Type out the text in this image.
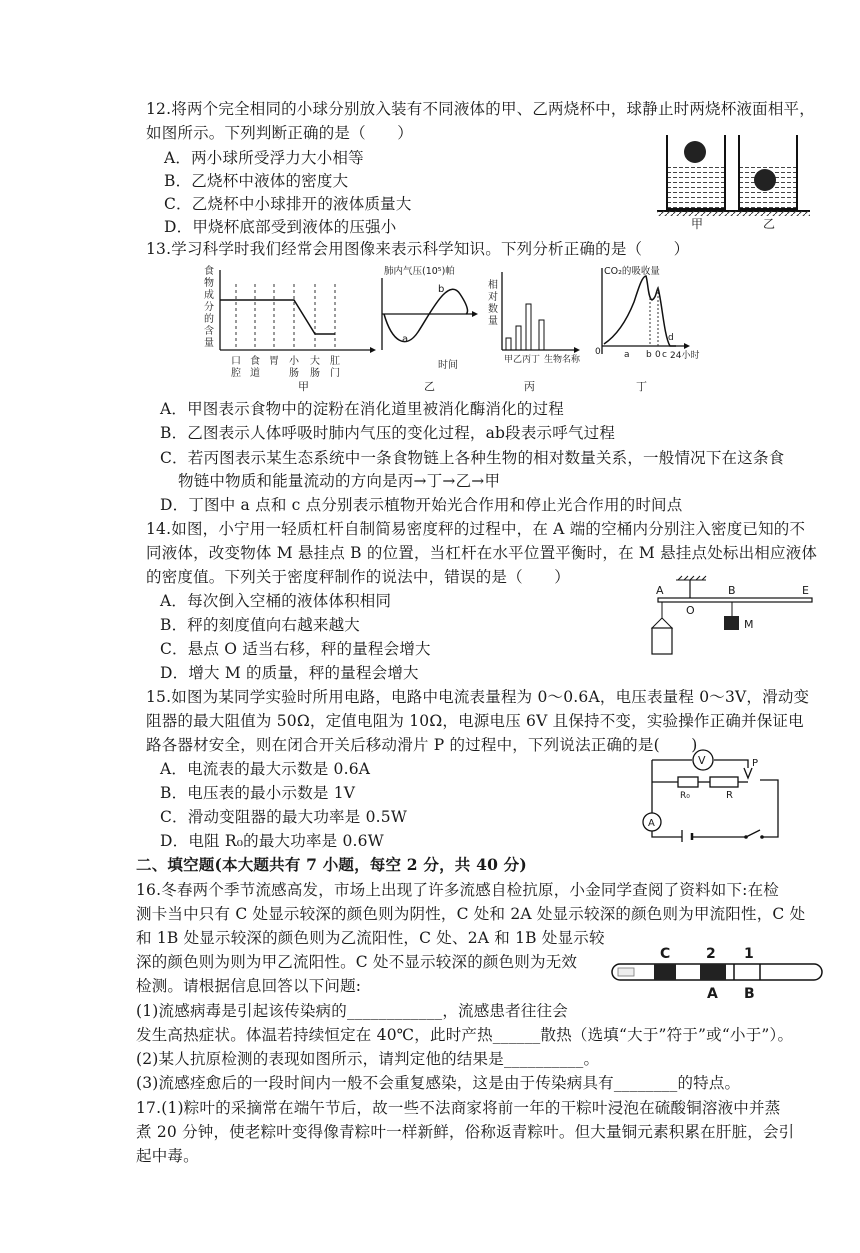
12.将两个完全相同的小球分别放入装有不同液体的甲、乙两烧杯中，球静止时两烧杯液面相平，
如图所示。下列判断正确的是（　　）
A．两小球所受浮力大小相等
B．乙烧杯中液体的密度大
C．乙烧杯中小球排开的液体质量大
D．甲烧杯底部受到液体的压强小	甲	乙
13.学习科学时我们经常会用图像来表示科学知识。下列分析正确的是（　　）
食
物
成
分
的
含
量
口 食 胃 小 大 肛
腔 道	肠 肠 门
甲
肺内气压(10⁵)帕
a
b
时间
乙
相
对
数
量
甲乙丙丁 生物名称
丙
CO₂的吸收量
0	a b 0 c
d
24小时
丁
A．甲图表示食物中的淀粉在消化道里被消化酶消化的过程
B．乙图表示人体呼吸时肺内气压的变化过程，ab段表示呼气过程
C．若丙图表示某生态系统中一条食物链上各种生物的相对数量关系，一般情况下在这条食
物链中物质和能量流动的方向是丙→丁→乙→甲
D．丁图中 a 点和 c 点分别表示植物开始光合作用和停止光合作用的时间点
14.如图，小宁用一轻质杠杆自制简易密度秤的过程中，在 A 端的空桶内分别注入密度已知的不
同液体，改变物体 M 悬挂点 B 的位置，当杠杆在水平位置平衡时，在 M 悬挂点处标出相应液体
的密度值。下列关于密度秤制作的说法中，错误的是（　　）
A．每次倒入空桶的液体体积相同
B．秤的刻度值向右越来越大
C．悬点 O 适当右移，秤的量程会增大
D．增大 M 的质量，秤的量程会增大
A
O
B	E
M
15.如图为某同学实验时所用电路，电路中电流表量程为 0～0.6A，电压表量程 0～3V，滑动变
阻器的最大阻值为 50Ω，定值电阻为 10Ω，电源电压 6V 且保持不变，实验操作正确并保证电
路各器材安全，则在闭合开关后移动滑片 P 的过程中，下列说法正确的是(　　)
A．电流表的最大示数是 0.6A
B．电压表的最小示数是 1V
C．滑动变阻器的最大功率是 0.5W
D．电阻 R₀的最大功率是 0.6W
V
A
P
R₀	R
二、填空题(本大题共有 7 小题，每空 2 分，共 40 分)
16.冬春两个季节流感高发，市场上出现了许多流感自检抗原，小金同学查阅了资料如下:在检
测卡当中只有 C 处显示较深的颜色则为阴性，C 处和 2A 处显示较深的颜色则为甲流阳性，C 处
和 1B 处显示较深的颜色则为乙流阳性，C 处、2A 和 1B 处显示较
深的颜色则为则为甲乙流阳性。C 处不显示较深的颜色则为无效
检测。请根据信息回答以下问题:
(1)流感病毒是引起该传染病的____________，流感患者往往会
发生高热症状。体温若持续恒定在 40℃，此时产热______散热（选填“大于”符于”或“小于”）。
(2)某人抗原检测的表现如图所示，请判定他的结果是__________。
(3)流感痊愈后的一段时间内一般不会重复感染，这是由于传染病具有________的特点。
C	2 1
A B
17.(1)粽叶的采摘常在端午节后，故一些不法商家将前一年的干粽叶浸泡在硫酸铜溶液中并蒸
煮 20 分钟，使老粽叶变得像青粽叶一样新鲜，俗称返青粽叶。但大量铜元素积累在肝脏，会引
起中毒。
